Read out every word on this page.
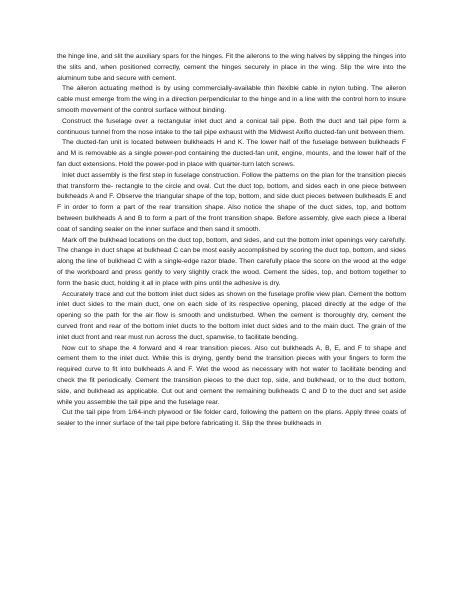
the hinge line, and slit the auxiliary spars for the hinges. Fit the ailerons to the wing halves by slipping the hinges into the slits and, when positioned correctly, cement the hinges securely in place in the wing. Slip the wire into the aluminum tube and secure with cement.

The aileron actuating method is by using commercially-available thin flexible cable in nylon tubing. The aileron cable must emerge from the wing in a direction perpendicular to the hinge and in a line with the control horn to insure smooth movement of the control surface without binding.

Construct the fuselage over a rectangular inlet duct and a conical tail pipe. Both the duct and tail pipe form a continuous tunnel from the nose intake to the tail pipe exhaust with the Midwest Axiflo ducted-fan unit between them.

The ducted-fan unit is located between bulkheads H and K. The lower half of the fuselage between bulkheads F and M is removable as a single power-pod containing the ducted-fan unit, engine, mounts, and the lower half of the fan duct extensions. Hold the power-pod in place with quarter-turn latch screws.

Inlet duct assembly is the first step in fuselage construction. Follow the patterns on the plan for the transition pieces that transform the- rectangle to the circle and oval. Cut the duct top, bottom, and sides each in one piece between bulkheads A and F. Observe the triangular shape of the top, bottom, and side duct pieces between bulkheads E and F in order to form a part of the rear transition shape. Also notice the shape of the duct sides, top, and bottom between bulkheads A and B to form a part of the front transition shape. Before assembly, give each piece a liberal coat of sanding sealer on the inner surface and then sand it smooth.

Mark off the bulkhead locations on the duct top, bottom, and sides, and cut the bottom inlet openings very carefully. The change in duct shape at bulkhead C can be most easily accomplished by scoring the duct top, bottom, and sides along the line of bulkhead C with a single-edge razor blade. Then carefully place the score on the wood at the edge of the workboard and press gently to very slightly crack the wood. Cement the sides, top, and bottom together to form the basic duct, holding it all in place with pins until the adhesive is dry.

Accurately trace and cut the bottom inlet duct sides as shown on the fuselage profile view plan. Cement the bottom inlet duct sides to the main duct, one on each side of its respective opening, placed directly at the edge of the opening so the path for the air flow is smooth and undisturbed. When the cement is thoroughly dry, cement the curved front and rear of the bottom inlet ducts to the bottom inlet duct sides and to the main duct. The grain of the inlet duct front and rear must run across the duct, spanwise, to facilitate bending.

Now cut to shape the 4 forward and 4 rear transition pieces. Also cut bulkheads A, B, E, and F to shape and cement them to the inlet duct. While this is drying, gently bend the transition pieces with your fingers to form the required curve to fit into bulkheads A and F. Wet the wood as necessary with hot water to facilitate bending and check the fit periodically. Cement the transition pieces to the duct top, side, and bulkhead, or to the duct bottom, side, and bulkhead as applicable. Cut out and cement the remaining bulkheads C and D to the duct and set aside while you assemble the tail pipe and the fuselage rear.

Cut the tail pipe from 1/64-inch plywood or file folder card, following the pattern on the plans. Apply three coats of sealer to the inner surface of the tail pipe before fabricating it. Slip the three bulkheads in
